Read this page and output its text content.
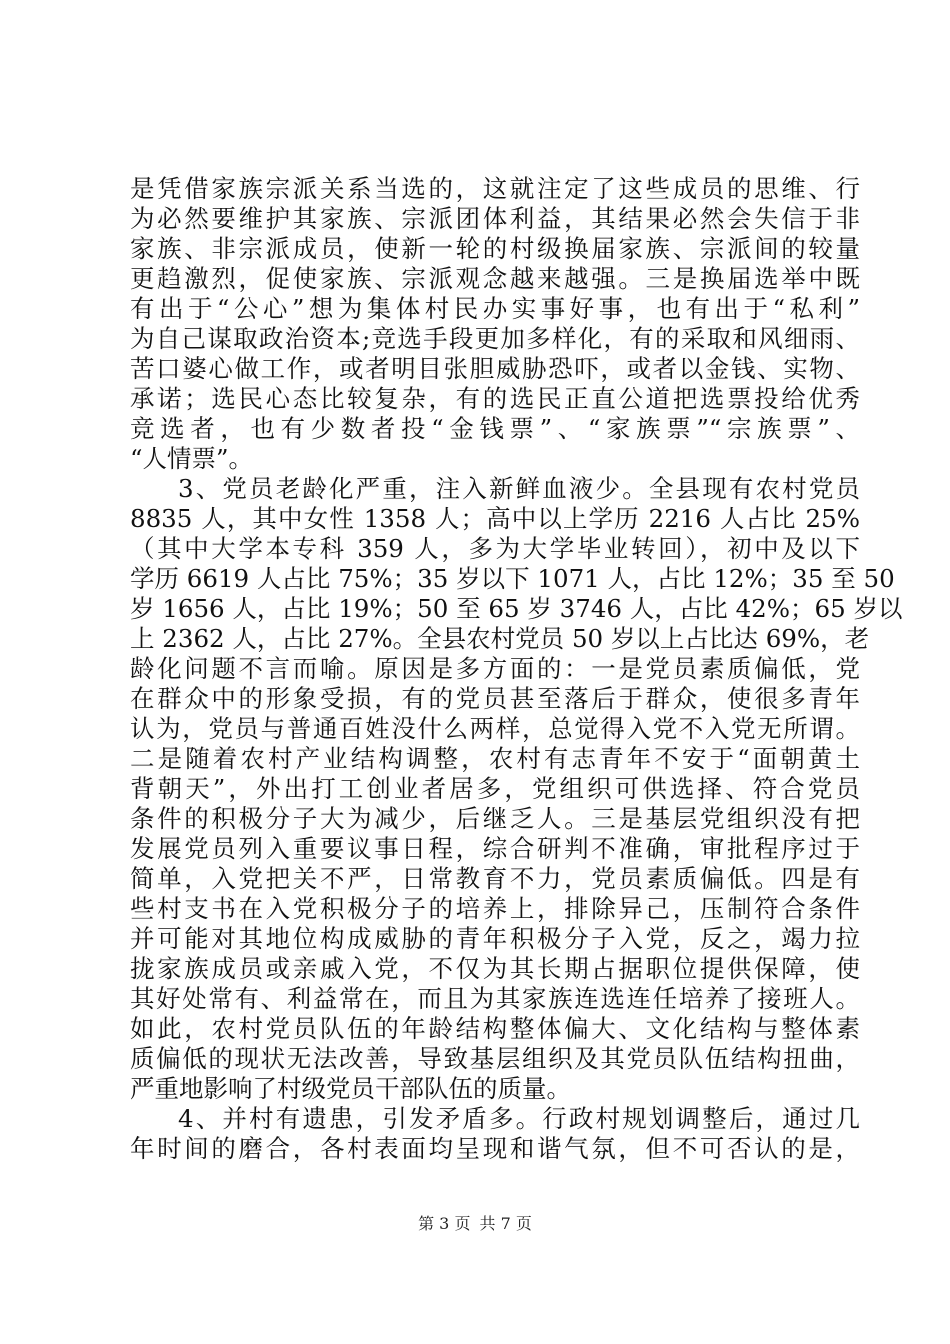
是凭借家族宗派关系当选的，这就注定了这些成员的思维、行
为必然要维护其家族、宗派团体利益，其结果必然会失信于非
家族、非宗派成员，使新一轮的村级换届家族、宗派间的较量
更趋激烈，促使家族、宗派观念越来越强。三是换届选举中既
有出于“公心”想为集体村民办实事好事，也有出于“私利”
为自己谋取政治资本;竞选手段更加多样化，有的采取和风细雨、
苦口婆心做工作，或者明目张胆威胁恐吓，或者以金钱、实物、
承诺；选民心态比较复杂，有的选民正直公道把选票投给优秀
竞选者，也有少数者投“金钱票”、“家族票”“宗族票”、
“人情票”。
3、党员老龄化严重，注入新鲜血液少。全县现有农村党员
8835 人，其中女性 1358 人；高中以上学历 2216 人占比 25%
（其中大学本专科 359 人，多为大学毕业转回），初中及以下
学历 6619 人占比 75%；35 岁以下 1071 人，占比 12%；35 至 50
岁 1656 人，占比 19%；50 至 65 岁 3746 人，占比 42%；65 岁以
上 2362 人，占比 27%。全县农村党员 50 岁以上占比达 69%，老
龄化问题不言而喻。原因是多方面的：一是党员素质偏低，党
在群众中的形象受损，有的党员甚至落后于群众，使很多青年
认为，党员与普通百姓没什么两样，总觉得入党不入党无所谓。
二是随着农村产业结构调整，农村有志青年不安于“面朝黄土
背朝天”，外出打工创业者居多，党组织可供选择、符合党员
条件的积极分子大为减少，后继乏人。三是基层党组织没有把
发展党员列入重要议事日程，综合研判不准确，审批程序过于
简单，入党把关不严，日常教育不力，党员素质偏低。四是有
些村支书在入党积极分子的培养上，排除异己，压制符合条件
并可能对其地位构成威胁的青年积极分子入党，反之，竭力拉
拢家族成员或亲戚入党，不仅为其长期占据职位提供保障，使
其好处常有、利益常在，而且为其家族连选连任培养了接班人。
如此，农村党员队伍的年龄结构整体偏大、文化结构与整体素
质偏低的现状无法改善，导致基层组织及其党员队伍结构扭曲，
严重地影响了村级党员干部队伍的质量。
4、并村有遗患，引发矛盾多。行政村规划调整后，通过几
年时间的磨合，各村表面均呈现和谐气氛，但不可否认的是，
第 3 页 共 7 页
